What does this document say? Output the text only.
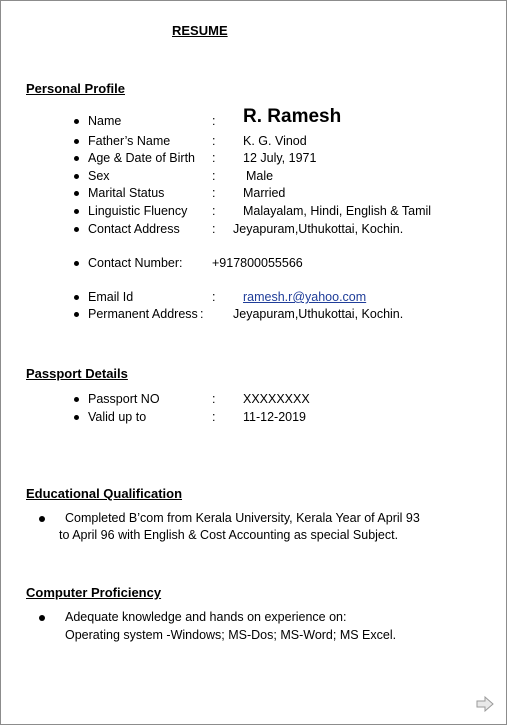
RESUME
Personal Profile
Name	: R. Ramesh
Father’s Name	: K. G. Vinod
Age & Date of Birth : 12 July, 1971
Sex	: Male
Marital Status	: Married
Linguistic Fluency : Malayalam, Hindi, English & Tamil
Contact Address	: Jeyapuram,Uthukottai, Kochin.
Contact Number: +917800055566
Email Id	: ramesh.r@yahoo.com
Permanent Address : Jeyapuram,Uthukottai, Kochin.
Passport Details
Passport NO	: XXXXXXXX
Valid up to	: 11-12-2019
Educational Qualification
Completed B’com from Kerala University, Kerala Year of April 93
to April 96 with English & Cost Accounting as special Subject.
Computer Proficiency
Adequate knowledge and hands on experience on:
Operating system -Windows; MS-Dos; MS-Word; MS Excel.
